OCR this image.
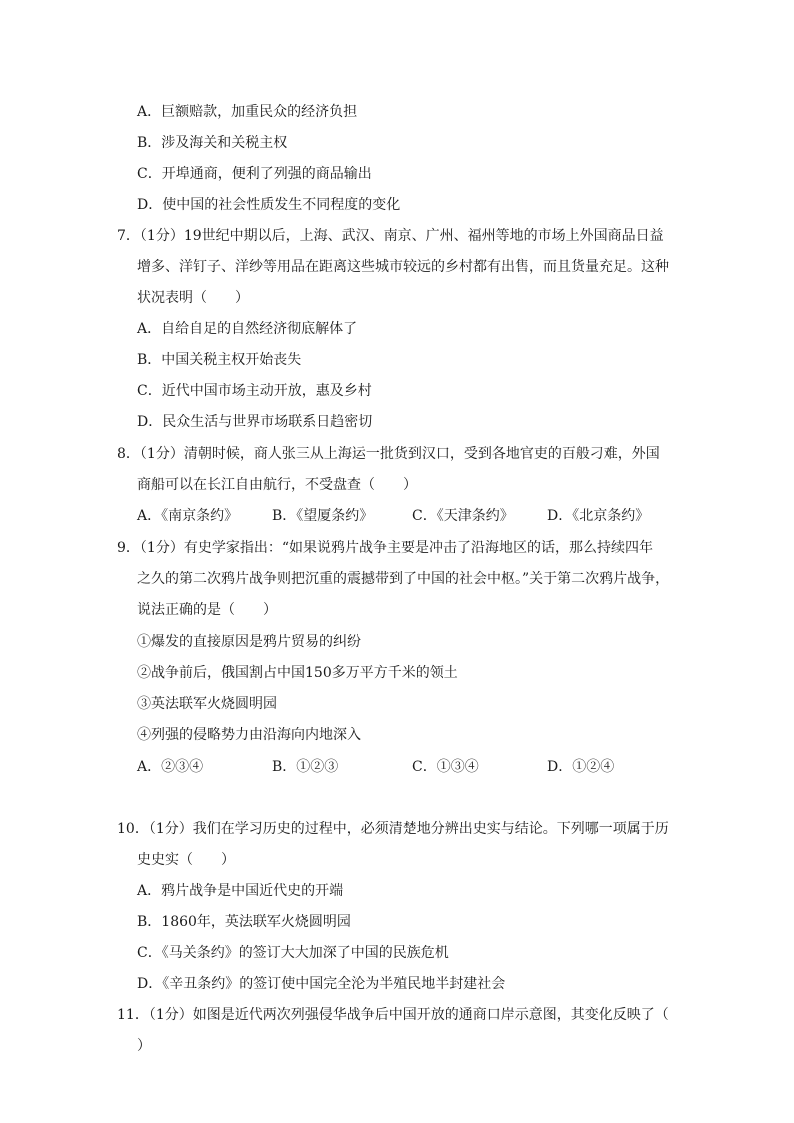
A．巨额赔款，加重民众的经济负担
B．涉及海关和关税主权
C．开埠通商，便利了列强的商品输出
D．使中国的社会性质发生不同程度的变化
7．（1分）19世纪中期以后，上海、武汉、南京、广州、福州等地的市场上外国商品日益
增多、洋钉子、洋纱等用品在距离这些城市较远的乡村都有出售，而且货量充足。这种
状况表明（　　）
A．自给自足的自然经济彻底解体了
B．中国关税主权开始丧失
C．近代中国市场主动开放，惠及乡村
D．民众生活与世界市场联系日趋密切
8．（1分）清朝时候，商人张三从上海运一批货到汉口，受到各地官吏的百般刁难，外国
商船可以在长江自由航行，不受盘查（　　）
A．《南京条约》 B．《望厦条约》	C．《天津条约》 D．《北京条约》
9．（1分）有史学家指出：“如果说鸦片战争主要是冲击了沿海地区的话，那么持续四年
之久的第二次鸦片战争则把沉重的震撼带到了中国的社会中枢。”关于第二次鸦片战争，
说法正确的是（　　）
①爆发的直接原因是鸦片贸易的纠纷
②战争前后，俄国割占中国150多万平方千米的领土
③英法联军火烧圆明园
④列强的侵略势力由沿海向内地深入
A．②③④	B．①②③	C．①③④	D．①②④
10．（1分）我们在学习历史的过程中，必须清楚地分辨出史实与结论。下列哪一项属于历
史史实（　　）
A．鸦片战争是中国近代史的开端
B．1860年，英法联军火烧圆明园
C．《马关条约》的签订大大加深了中国的民族危机
D．《辛丑条约》的签订使中国完全沦为半殖民地半封建社会
11．（1分）如图是近代两次列强侵华战争后中国开放的通商口岸示意图，其变化反映了（
）
